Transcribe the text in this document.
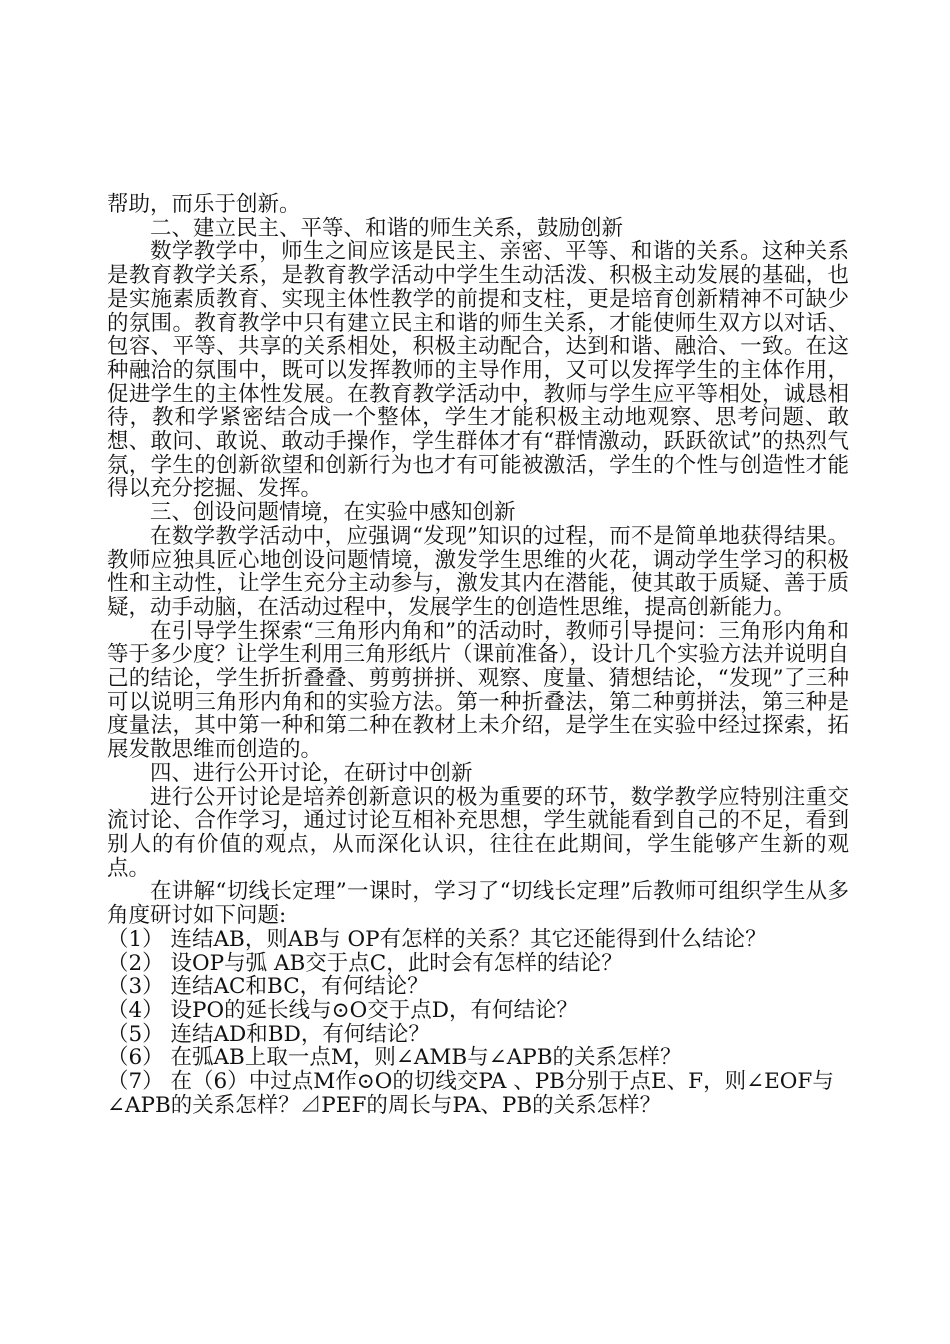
帮助，而乐于创新。

二、建立民主、平等、和谐的师生关系，鼓励创新

数学教学中，师生之间应该是民主、亲密、平等、和谐的关系。这种关系是教育教学关系，是教育教学活动中学生生动活泼、积极主动发展的基础，也是实施素质教育、实现主体性教学的前提和支柱，更是培育创新精神不可缺少的氛围。教育教学中只有建立民主和谐的师生关系，才能使师生双方以对话、包容、平等、共享的关系相处，积极主动配合，达到和谐、融洽、一致。在这种融洽的氛围中，既可以发挥教师的主导作用，又可以发挥学生的主体作用，促进学生的主体性发展。在教育教学活动中，教师与学生应平等相处，诚恳相待，教和学紧密结合成一个整体，学生才能积极主动地观察、思考问题、敢想、敢问、敢说、敢动手操作，学生群体才有“群情激动，跃跃欲试”的热烈气氛，学生的创新欲望和创新行为也才有可能被激活，学生的个性与创造性才能得以充分挖掘、发挥。

三、创设问题情境，在实验中感知创新

在数学教学活动中，应强调“发现”知识的过程，而不是简单地获得结果。教师应独具匠心地创设问题情境，激发学生思维的火花，调动学生学习的积极性和主动性，让学生充分主动参与，激发其内在潜能，使其敢于质疑、善于质疑，动手动脑，在活动过程中，发展学生的创造性思维，提高创新能力。

在引导学生探索“三角形内角和”的活动时，教师引导提问：三角形内角和等于多少度？让学生利用三角形纸片（课前准备），设计几个实验方法并说明自己的结论，学生折折叠叠、剪剪拼拼、观察、度量、猜想结论，“发现”了三种可以说明三角形内角和的实验方法。第一种折叠法，第二种剪拼法，第三种是度量法，其中第一种和第二种在教材上未介绍，是学生在实验中经过探索，拓展发散思维而创造的。

四、进行公开讨论，在研讨中创新

进行公开讨论是培养创新意识的极为重要的环节，数学教学应特别注重交流讨论、合作学习，通过讨论互相补充思想，学生就能看到自己的不足，看到别人的有价值的观点，从而深化认识，往往在此期间，学生能够产生新的观点。

在讲解“切线长定理”一课时，学习了“切线长定理”后教师可组织学生从多角度研讨如下问题:

（1） 连结AB，则AB与 OP有怎样的关系？其它还能得到什么结论？

（2） 设OP与弧 AB交于点C，此时会有怎样的结论？

（3） 连结AC和BC，有何结论？

（4） 设PO的延长线与⊙O交于点D，有何结论？

（5） 连结AD和BD，有何结论？

（6） 在弧AB上取一点M，则∠AMB与∠APB的关系怎样？

（7） 在（6）中过点M作⊙O的切线交PA 、PB分别于点E、F，则∠EOF与∠APB的关系怎样？⊿PEF的周长与PA、PB的关系怎样？
